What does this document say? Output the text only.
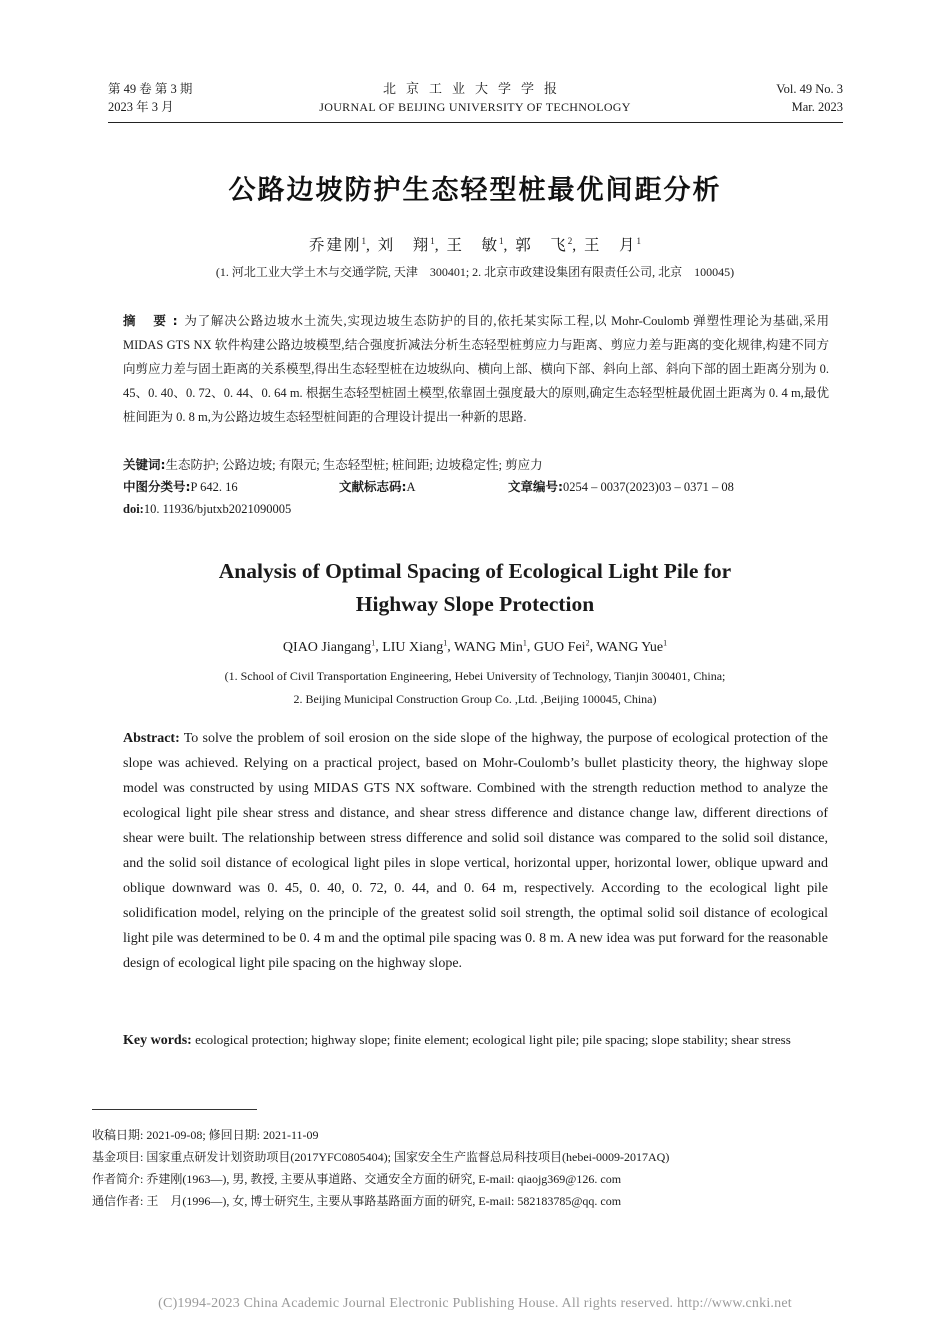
第 49 卷 第 3 期
2023 年 3 月
北京工业大学学报
JOURNAL OF BEIJING UNIVERSITY OF TECHNOLOGY
Vol. 49 No. 3
Mar. 2023
公路边坡防护生态轻型桩最优间距分析
乔建刚$^1$, 刘　翔$^1$, 王　敏$^1$, 郭　飞$^2$, 王　月$^1$
(1. 河北工业大学土木与交通学院, 天津　300401; 2. 北京市政建设集团有限责任公司, 北京　100045)
摘 要:为了解决公路边坡水土流失,实现边坡生态防护的目的,依托某实际工程,以 Mohr-Coulomb 弹塑性理论为基础,采用 MIDAS GTS NX 软件构建公路边坡模型,结合强度折减法分析生态轻型桩剪应力与距离、剪应力差与距离的变化规律,构建不同方向剪应力差与固土距离的关系模型,得出生态轻型桩在边坡纵向、横向上部、横向下部、斜向上部、斜向下部的固土距离分别为 0. 45、0. 40、0. 72、0. 44、0. 64 m. 根据生态轻型桩固土模型,依靠固土强度最大的原则,确定生态轻型桩最优固土距离为 0. 4 m,最优桩间距为 0. 8 m,为公路边坡生态轻型桩间距的合理设计提出一种新的思路.
关键词:生态防护; 公路边坡; 有限元; 生态轻型桩; 桩间距; 边坡稳定性; 剪应力
中图分类号:P 642. 16	文献标志码:A	文章编号:0254 – 0037(2023)03 – 0371 – 08
doi:10. 11936/bjutxb2021090005
Analysis of Optimal Spacing of Ecological Light Pile for
Highway Slope Protection
QIAO Jiangang$^1$, LIU Xiang$^1$, WANG Min$^1$, GUO Fei$^2$, WANG Yue$^1$
(1. School of Civil Transportation Engineering, Hebei University of Technology, Tianjin 300401, China;
2. Beijing Municipal Construction Group Co. ,Ltd. ,Beijing 100045, China)
Abstract: To solve the problem of soil erosion on the side slope of the highway, the purpose of ecological protection of the slope was achieved. Relying on a practical project, based on Mohr-Coulomb’s bullet plasticity theory, the highway slope model was constructed by using MIDAS GTS NX software. Combined with the strength reduction method to analyze the ecological light pile shear stress and distance, and shear stress difference and distance change law, different directions of shear were built. The relationship between stress difference and solid soil distance was compared to the solid soil distance, and the solid soil distance of ecological light piles in slope vertical, horizontal upper, horizontal lower, oblique upward and oblique downward was 0. 45, 0. 40, 0. 72, 0. 44, and 0. 64 m, respectively. According to the ecological light pile solidification model, relying on the principle of the greatest solid soil strength, the optimal solid soil distance of ecological light pile was determined to be 0. 4 m and the optimal pile spacing was 0. 8 m. A new idea was put forward for the reasonable design of ecological light pile spacing on the highway slope.
Key words: ecological protection; highway slope; finite element; ecological light pile; pile spacing; slope stability; shear stress
收稿日期: 2021-09-08; 修回日期: 2021-11-09
基金项目: 国家重点研发计划资助项目(2017YFC0805404); 国家安全生产监督总局科技项目(hebei-0009-2017AQ)
作者简介: 乔建刚(1963—), 男, 教授, 主要从事道路、交通安全方面的研究, E-mail: qiaojg369@126. com
通信作者: 王　月(1996—), 女, 博士研究生, 主要从事路基路面方面的研究, E-mail: 582183785@qq. com
(C)1994-2023 China Academic Journal Electronic Publishing House. All rights reserved. http://www.cnki.net
